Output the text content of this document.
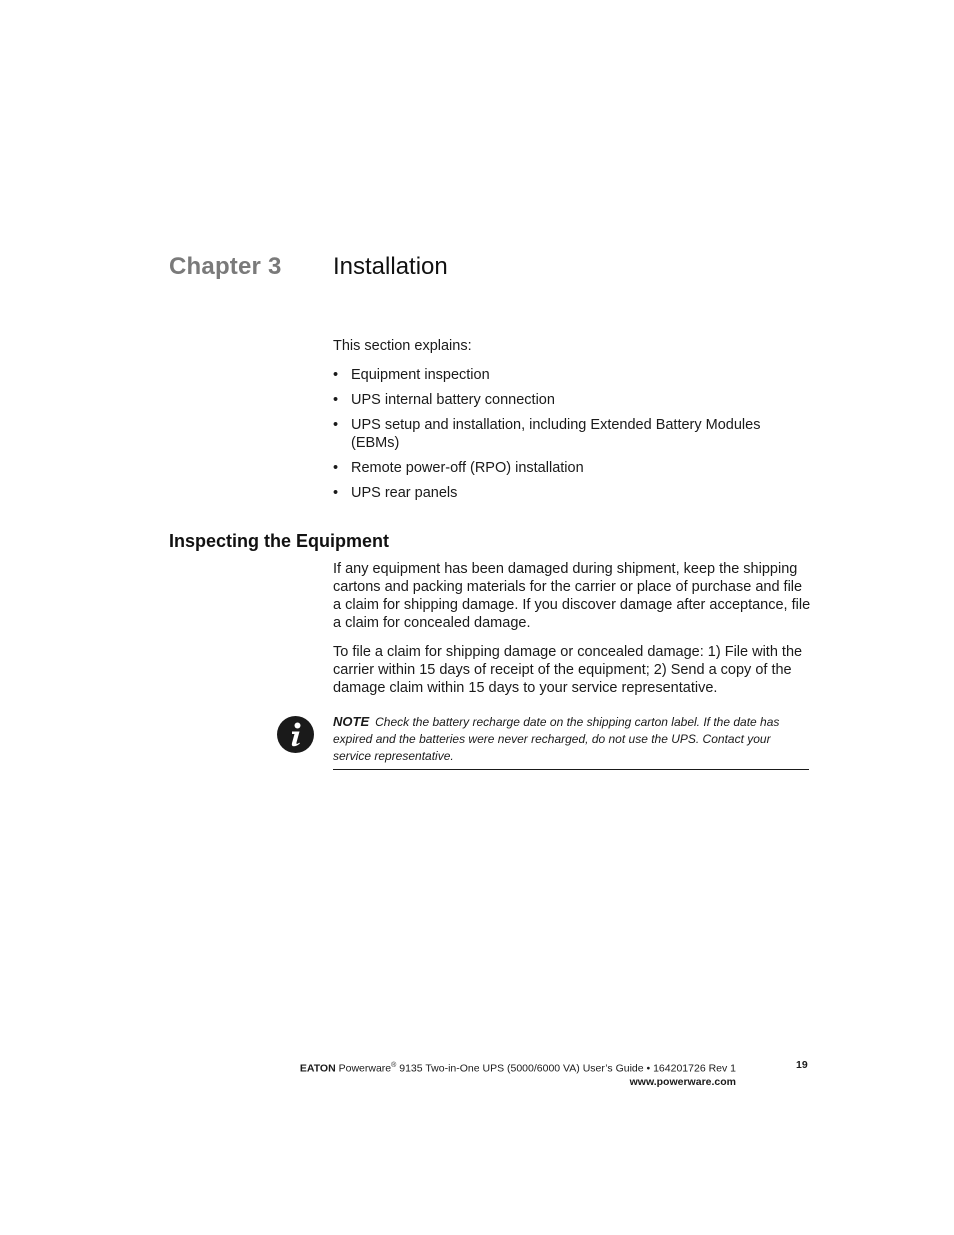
Chapter 3 Installation
This section explains:
• Equipment inspection
• UPS internal battery connection
• UPS setup and installation, including Extended Battery Modules (EBMs)
• Remote power-off (RPO) installation
• UPS rear panels
Inspecting the Equipment
If any equipment has been damaged during shipment, keep the shipping cartons and packing materials for the carrier or place of purchase and file a claim for shipping damage. If you discover damage after acceptance, file a claim for concealed damage.
To file a claim for shipping damage or concealed damage: 1) File with the carrier within 15 days of receipt of the equipment; 2) Send a copy of the damage claim within 15 days to your service representative.
NOTE Check the battery recharge date on the shipping carton label. If the date has expired and the batteries were never recharged, do not use the UPS. Contact your service representative.
EATON Powerware® 9135 Two-in-One UPS (5000/6000 VA) User’s Guide • 164201726 Rev 1
www.powerware.com
19
